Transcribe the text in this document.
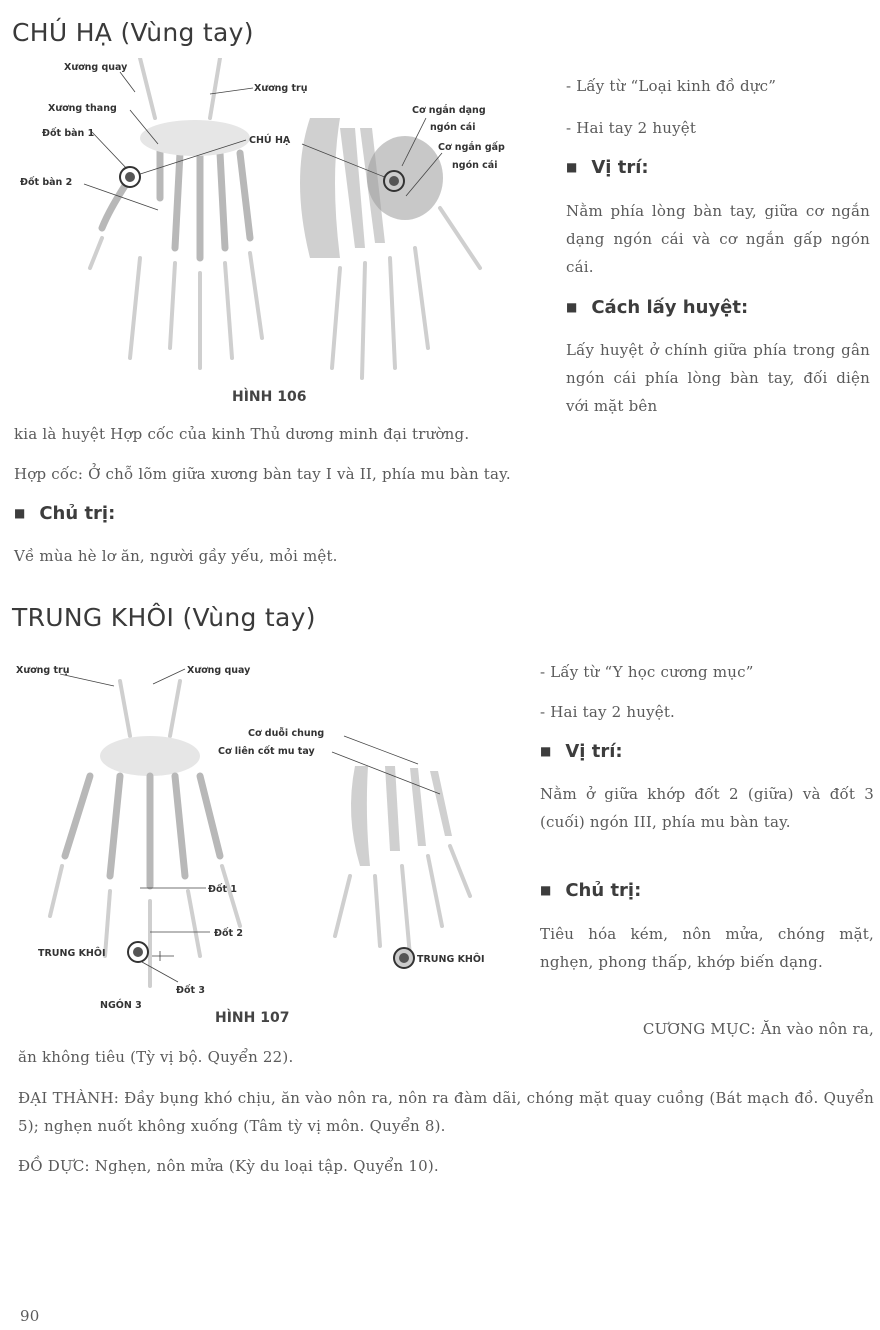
CHÚ HẠ (Vùng tay)
Xương quay
Xương trụ
Xương thang
Đốt bàn 1
Đốt bàn 2
CHÚ HẠ
Cơ ngắn dạng
ngón cái
Cơ ngắn gấp
ngón cái
HÌNH 106
- Lấy từ “Loại kinh đồ dực”
- Hai tay 2 huyệt
■ Vị trí:
Nằm phía lòng bàn tay, giữa cơ ngắn dạng ngón cái và cơ ngắn gấp ngón cái.
■ Cách lấy huyệt:
Lấy huyệt ở chính giữa phía trong gân ngón cái phía lòng bàn tay, đối diện với mặt bên
kia là huyệt Hợp cốc của kinh Thủ dương minh đại trường.
Hợp cốc: Ở chỗ lõm giữa xương bàn tay I và II, phía mu bàn tay.
■ Chủ trị:
Về mùa hè lơ ăn, người gầy yếu, mỏi mệt.
TRUNG KHÔI (Vùng tay)
Xương trụ	Xương quay
Cơ duỗi chung
Cơ liên cốt mu tay
Đốt 1
Đốt 2
Đốt 3
TRUNG KHÔI
TRUNG KHÔI
NGÓN 3
HÌNH 107
- Lấy từ “Y học cương mục”
- Hai tay 2 huyệt.
■ Vị trí:
Nằm ở giữa khớp đốt 2 (giữa) và đốt 3 (cuối) ngón III, phía mu bàn tay.
■ Chủ trị:
Tiêu hóa kém, nôn mửa, chóng mặt, nghẹn, phong thấp, khớp biến dạng.
CƯƠNG MỤC: Ăn vào nôn ra,
ăn không tiêu (Tỳ vị bộ. Quyển 22).
ĐẠI THÀNH: Đầy bụng khó chịu, ăn vào nôn ra, nôn ra đàm dãi, chóng mặt quay cuồng (Bát mạch đồ. Quyển 5); nghẹn nuốt không xuống (Tâm tỳ vị môn. Quyển 8).
ĐỒ DỰC: Nghẹn, nôn mửa (Kỳ du loại tập. Quyển 10).
90
